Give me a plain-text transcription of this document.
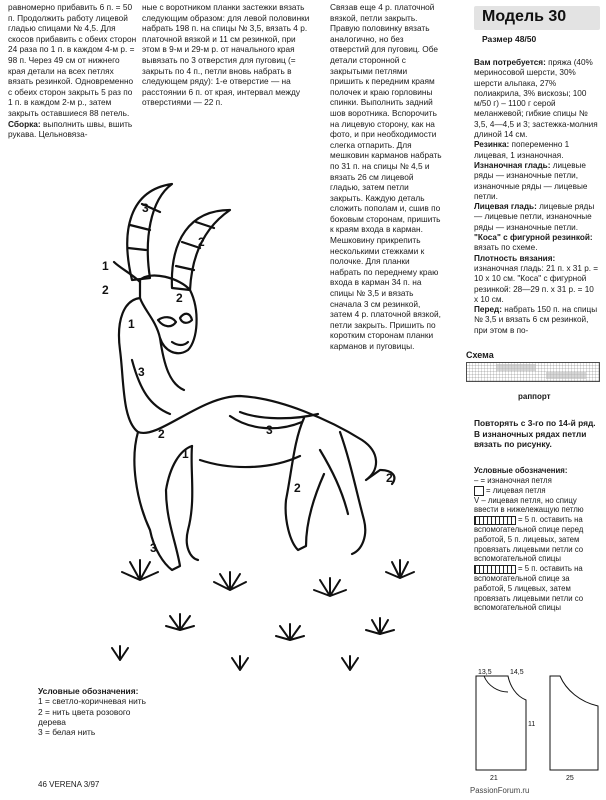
равномерно прибавить 6 п. = 50 п. Продолжить работу лицевой гладью спицами № 4,5. Для скосов прибавить с обеих сторон 24 раза по 1 п. в каждом 4-м р. = 98 п. Через 49 см от нижнего края детали на всех петлях вязать резинкой. Одновременно с обеих сторон закрыть 5 раз по 1 п. в каждом 2-м р., затем закрыть оставшиеся 88 петель.

Сборка: выполнить швы, вшить рукава. Цельновяза-

ные с воротником планки застежки вязать следующим образом: для левой половинки набрать 198 п. на спицы № 3,5, вязать 4 р. платочной вязкой и 11 см резинкой, при этом в 9-м и 29-м р. от начального края вывязать по 3 отверстия для пуговиц (= закрыть по 4 п., петли вновь набрать в следующем ряду): 1-е отверстие — на расстоянии 6 п. от края, интервал между отверстиями — 22 п.

Связав еще 4 р. платочной вязкой, петли закрыть. Правую половинку вязать аналогично, но без отверстий для пуговиц. Обе детали сторонной с закрытыми петлями пришить к передним краям полочек и краю горловины спинки. Выполнить задний шов воротника. Вспорочить на лицевую сторону, как на фото, и при необходимости слегка отпарить. Для мешковин карманов набрать по 31 п. на спицы № 4,5 и вязать 26 см лицевой гладью, затем петли закрыть. Каждую деталь сложить пополам и, сшив по боковым сторонам, пришить к краям входа в карман. Мешковину прикрепить несколькими стежками к полочке. Для планки набрать по переднему краю входа в карман 34 п. на спицы № 3,5 и вязать сначала 3 см резинкой, затем 4 р. платочной вязкой, петли закрыть. Пришить по коротким сторонам планки карманов и пуговицы.

Модель 30
Размер 48/50

Вам потребуется: пряжа (40% мериносовой шерсти, 30% шерсти альпака, 27% полиакрила, 3% вискозы; 100 м/50 г) – 1100 г серой меланжевой; гибкие спицы № 3,5, 4—4,5 и 3; застежка-молния длиной 14 см.

Резинка: попеременно 1 лицевая, 1 изнаночная.

Изнаночная гладь: лицевые ряды — изнаночные петли, изнаночные ряды — лицевые петли.

Лицевая гладь: лицевые ряды — лицевые петли, изнаночные ряды — изнаночные петли.

"Коса" с фигурной резинкой: вязать по схеме.

Плотность вязания: изнаночная гладь: 21 п. x 31 р. = 10 x 10 см. "Коса" с фигурной резинкой: 28—29 п. x 31 р. = 10 x 10 см.

Перед: набрать 150 п. на спицы № 3,5 и вязать 6 см резинкой, при этом в по-

Схема
раппорт
Повторять с 3-го по 14-й ряд. В изнаночных рядах петли вязать по рисунку.

Условные обозначения:

– = изнаночная петля

= лицевая петля

V – лицевая петля, но спицу ввести в нижележащую петлю

= 5 п. оставить на вспомогательной спице перед работой, 5 п. лицевых, затем провязать лицевыми петли со вспомогательной спицы

= 5 п. оставить на вспомогательной спице за работой, 5 лицевых, затем провязать лицевыми петли со вспомогательной спицы

1
2
3
2
1
2
3
3
2
2
1
3
2

Условные обозначения:

1 = светло-коричневая нить

2 = нить цвета розового дерева

3 = белая нить

13,5	14,5
21	25
11
46 VERENA 3/97
PassionForum.ru
